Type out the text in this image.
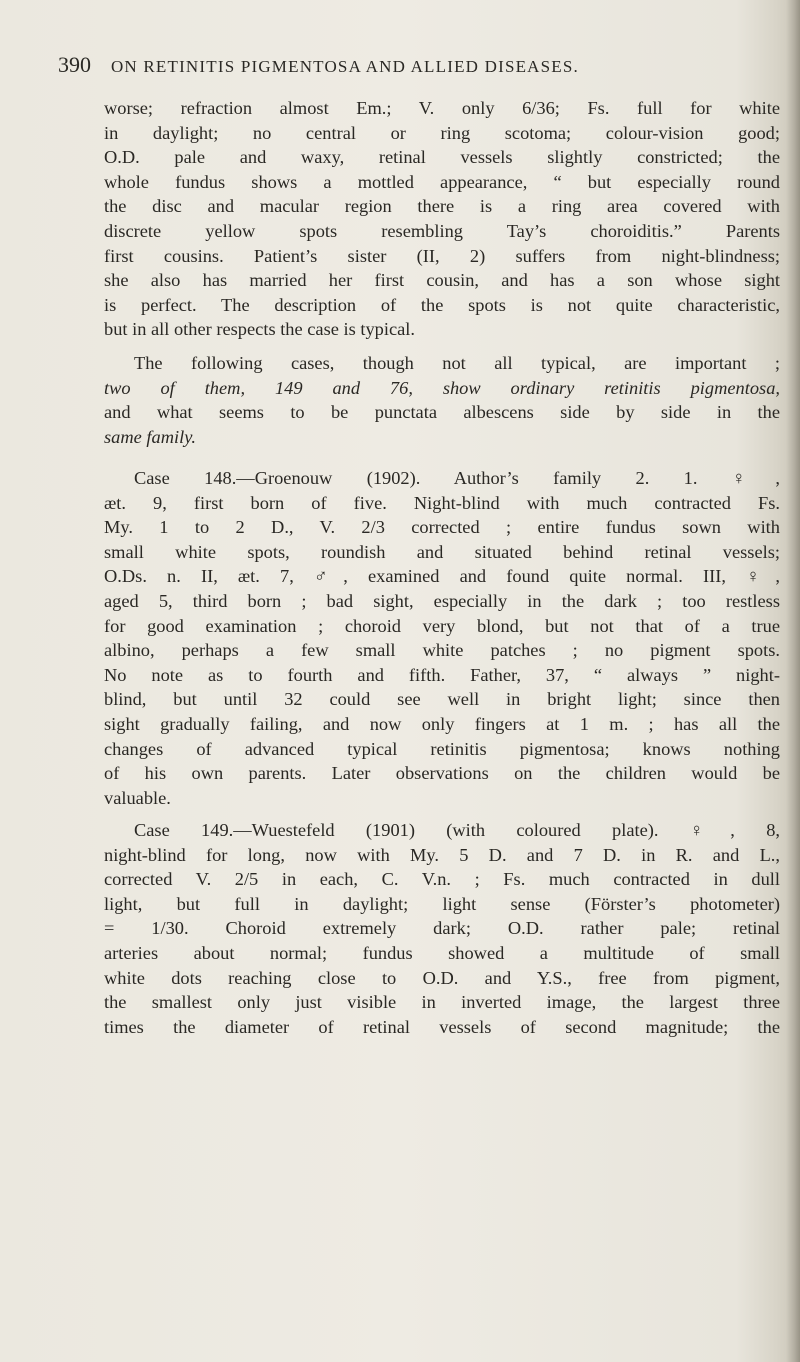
390 ON RETINITIS PIGMENTOSA AND ALLIED DISEASES.
worse; refraction almost Em.; V. only 6/36; Fs. full for white
in daylight; no central or ring scotoma; colour-vision good;
O.D. pale and waxy, retinal vessels slightly constricted; the
whole fundus shows a mottled appearance, “ but especially round
the disc and macular region there is a ring area covered with
discrete yellow spots resembling Tay’s choroiditis.” Parents
first cousins. Patient’s sister (II, 2) suffers from night-blindness;
she also has married her first cousin, and has a son whose sight
is perfect. The description of the spots is not quite characteristic,
but in all other respects the case is typical.
The following cases, though not all typical, are important ;
two of them, 149 and 76, show ordinary retinitis pigmentosa,
and what seems to be punctata albescens side by side in the
same family.
Case 148.—Groenouw (1902). Author’s family 2. 1. ♀,
æt. 9, first born of five. Night-blind with much contracted Fs.
My. 1 to 2 D., V. 2/3 corrected ; entire fundus sown with
small white spots, roundish and situated behind retinal vessels;
O.Ds. n. II, æt. 7, ♂, examined and found quite normal. III, ♀,
aged 5, third born ; bad sight, especially in the dark ; too restless
for good examination ; choroid very blond, but not that of a true
albino, perhaps a few small white patches ; no pigment spots.
No note as to fourth and fifth. Father, 37, “ always ” night-
blind, but until 32 could see well in bright light; since then
sight gradually failing, and now only fingers at 1 m. ; has all the
changes of advanced typical retinitis pigmentosa; knows nothing
of his own parents. Later observations on the children would be
valuable.
Case 149.—Wuestefeld (1901) (with coloured plate). ♀, 8,
night-blind for long, now with My. 5 D. and 7 D. in R. and L.,
corrected V. 2/5 in each, C. V.n. ; Fs. much contracted in dull
light, but full in daylight; light sense (Förster’s photometer)
= 1/30. Choroid extremely dark; O.D. rather pale; retinal
arteries about normal; fundus showed a multitude of small
white dots reaching close to O.D. and Y.S., free from pigment,
the smallest only just visible in inverted image, the largest three
times the diameter of retinal vessels of second magnitude; the
